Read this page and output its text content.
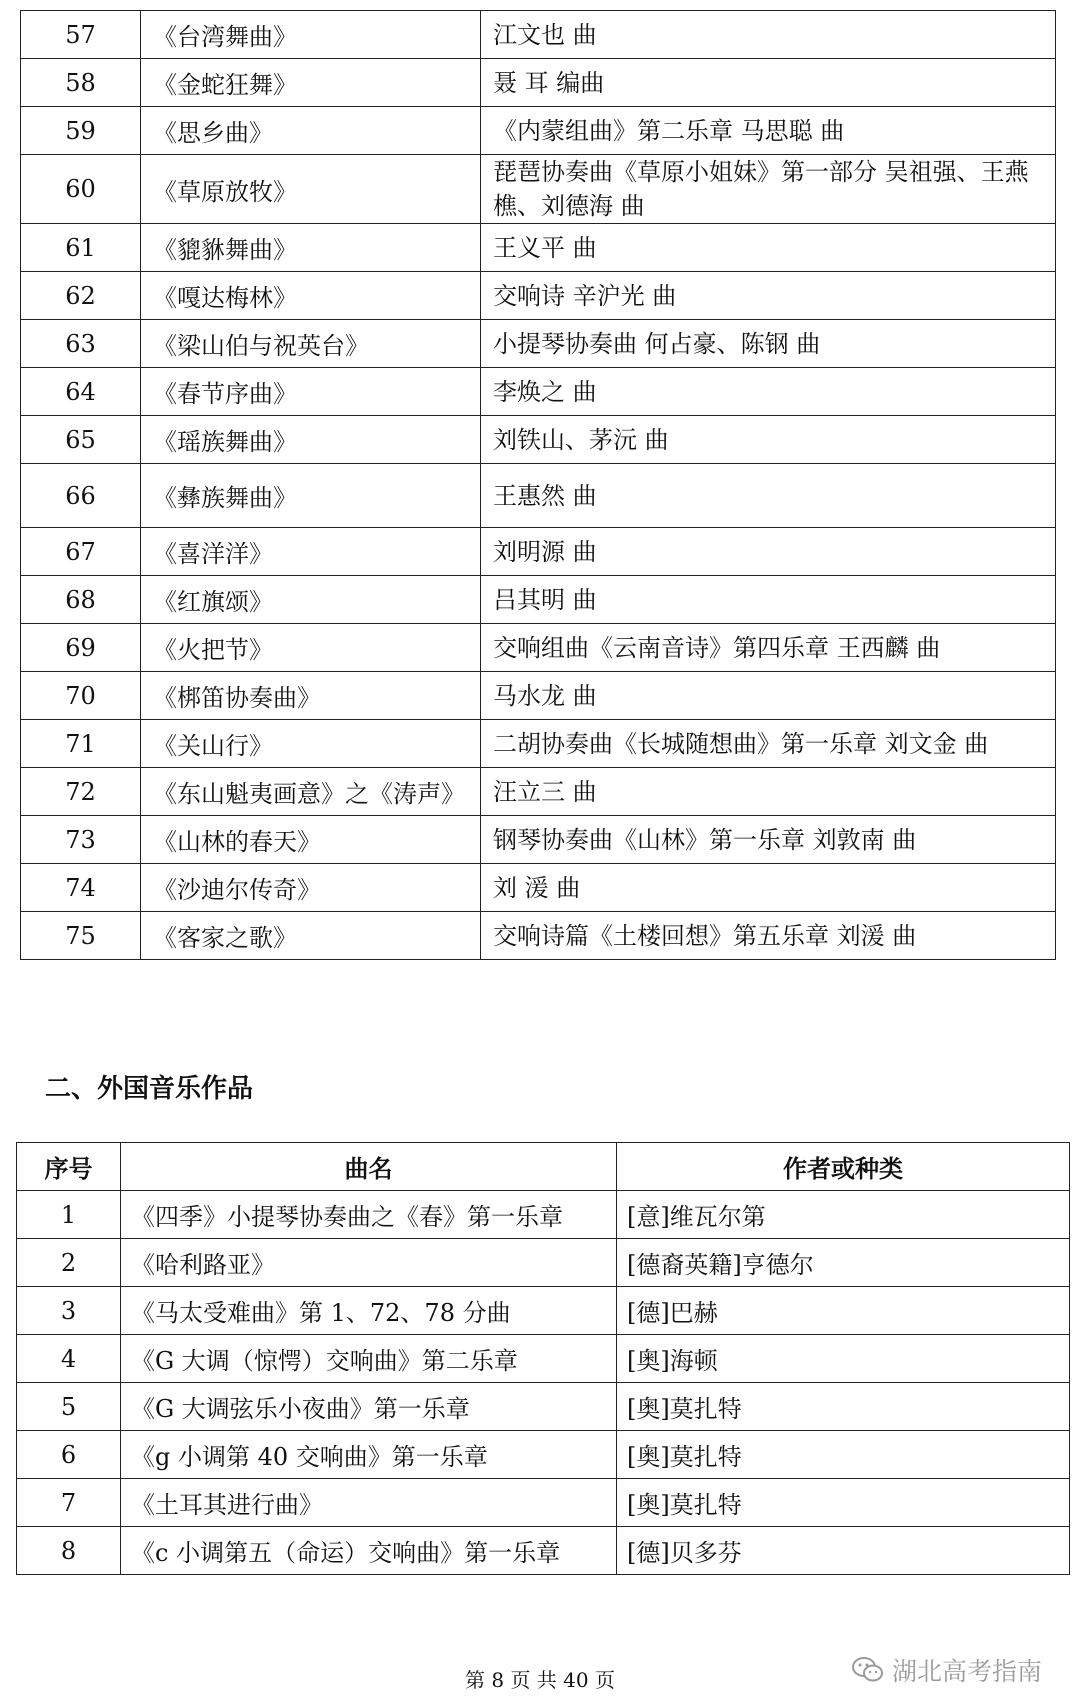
57	《台湾舞曲》	江文也 曲
58	《金蛇狂舞》	聂 耳 编曲
59	《思乡曲》	《内蒙组曲》第二乐章 马思聪 曲
60	《草原放牧》	琵琶协奏曲《草原小姐妹》第一部分 吴祖强、王燕樵、刘德海 曲
61	《貔貅舞曲》	王义平 曲
62	《嘎达梅林》	交响诗 辛沪光 曲
63	《梁山伯与祝英台》	小提琴协奏曲 何占豪、陈钢 曲
64	《春节序曲》	李焕之 曲
65	《瑶族舞曲》	刘铁山、茅沅 曲
66	《彝族舞曲》	王惠然 曲
67	《喜洋洋》	刘明源 曲
68	《红旗颂》	吕其明 曲
69	《火把节》	交响组曲《云南音诗》第四乐章 王西麟 曲
70	《梆笛协奏曲》	马水龙 曲
71	《关山行》	二胡协奏曲《长城随想曲》第一乐章 刘文金 曲
72	《东山魁夷画意》之《涛声》	汪立三 曲
73	《山林的春天》	钢琴协奏曲《山林》第一乐章 刘敦南 曲
74	《沙迪尔传奇》	刘 湲 曲
75	《客家之歌》	交响诗篇《土楼回想》第五乐章 刘湲 曲
二、外国音乐作品
序号	曲名	作者或种类
1	《四季》小提琴协奏曲之《春》第一乐章	[意]维瓦尔第
2	《哈利路亚》	[德裔英籍]亨德尔
3	《马太受难曲》第 1、72、78 分曲	[德]巴赫
4	《G 大调（惊愕）交响曲》第二乐章	[奥]海顿
5	《G 大调弦乐小夜曲》第一乐章	[奥]莫扎特
6	《g 小调第 40 交响曲》第一乐章	[奥]莫扎特
7	《土耳其进行曲》	[奥]莫扎特
8	《c 小调第五（命运）交响曲》第一乐章	[德]贝多芬
湖北高考指南
第 8 页 共 40 页
